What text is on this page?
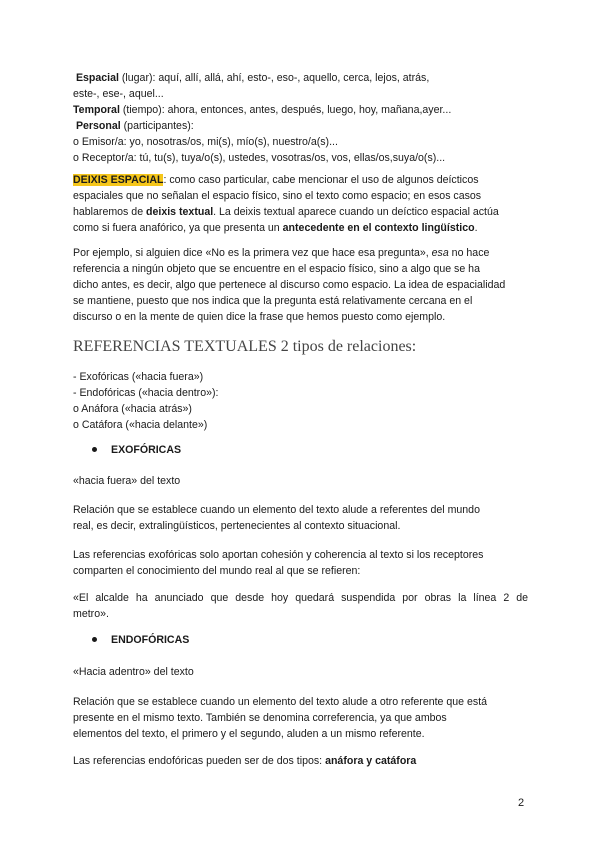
Espacial (lugar): aquí, allí, allá, ahí, esto-, eso-, aquello, cerca, lejos, atrás,
este-, ese-, aquel...
Temporal (tiempo): ahora, entonces, antes, después, luego, hoy, mañana,ayer...
Personal (participantes):
o Emisor/a: yo, nosotras/os, mi(s), mío(s), nuestro/a(s)...
o Receptor/a: tú, tu(s), tuya/o(s), ustedes, vosotras/os, vos, ellas/os,suya/o(s)...
DEIXIS ESPACIAL: como caso particular, cabe mencionar el uso de algunos deícticos
espaciales que no señalan el espacio físico, sino el texto como espacio; en esos casos
hablaremos de deixis textual. La deixis textual aparece cuando un deíctico espacial actúa
como si fuera anafórico, ya que presenta un antecedente en el contexto lingüístico.
Por ejemplo, si alguien dice «No es la primera vez que hace esa pregunta», esa no hace
referencia a ningún objeto que se encuentre en el espacio físico, sino a algo que se ha
dicho antes, es decir, algo que pertenece al discurso como espacio. La idea de espacialidad
se mantiene, puesto que nos indica que la pregunta está relativamente cercana en el
discurso o en la mente de quien dice la frase que hemos puesto como ejemplo.
REFERENCIAS TEXTUALES 2 tipos de relaciones:
- Exofóricas («hacia fuera»)
- Endofóricas («hacia dentro»):
o Anáfora («hacia atrás»)
o Catáfora («hacia delante»)
EXOFÓRICAS
«hacia fuera» del texto
Relación que se establece cuando un elemento del texto alude a referentes del mundo
real, es decir, extralingüísticos, pertenecientes al contexto situacional.
Las referencias exofóricas solo aportan cohesión y coherencia al texto si los receptores
comparten el conocimiento del mundo real al que se refieren:
«El alcalde ha anunciado que desde hoy quedará suspendida por obras la línea 2 de
metro».
ENDOFÓRICAS
«Hacia adentro» del texto
Relación que se establece cuando un elemento del texto alude a otro referente que está
presente en el mismo texto. También se denomina correferencia, ya que ambos
elementos del texto, el primero y el segundo, aluden a un mismo referente.
Las referencias endofóricas pueden ser de dos tipos: anáfora y catáfora
2
